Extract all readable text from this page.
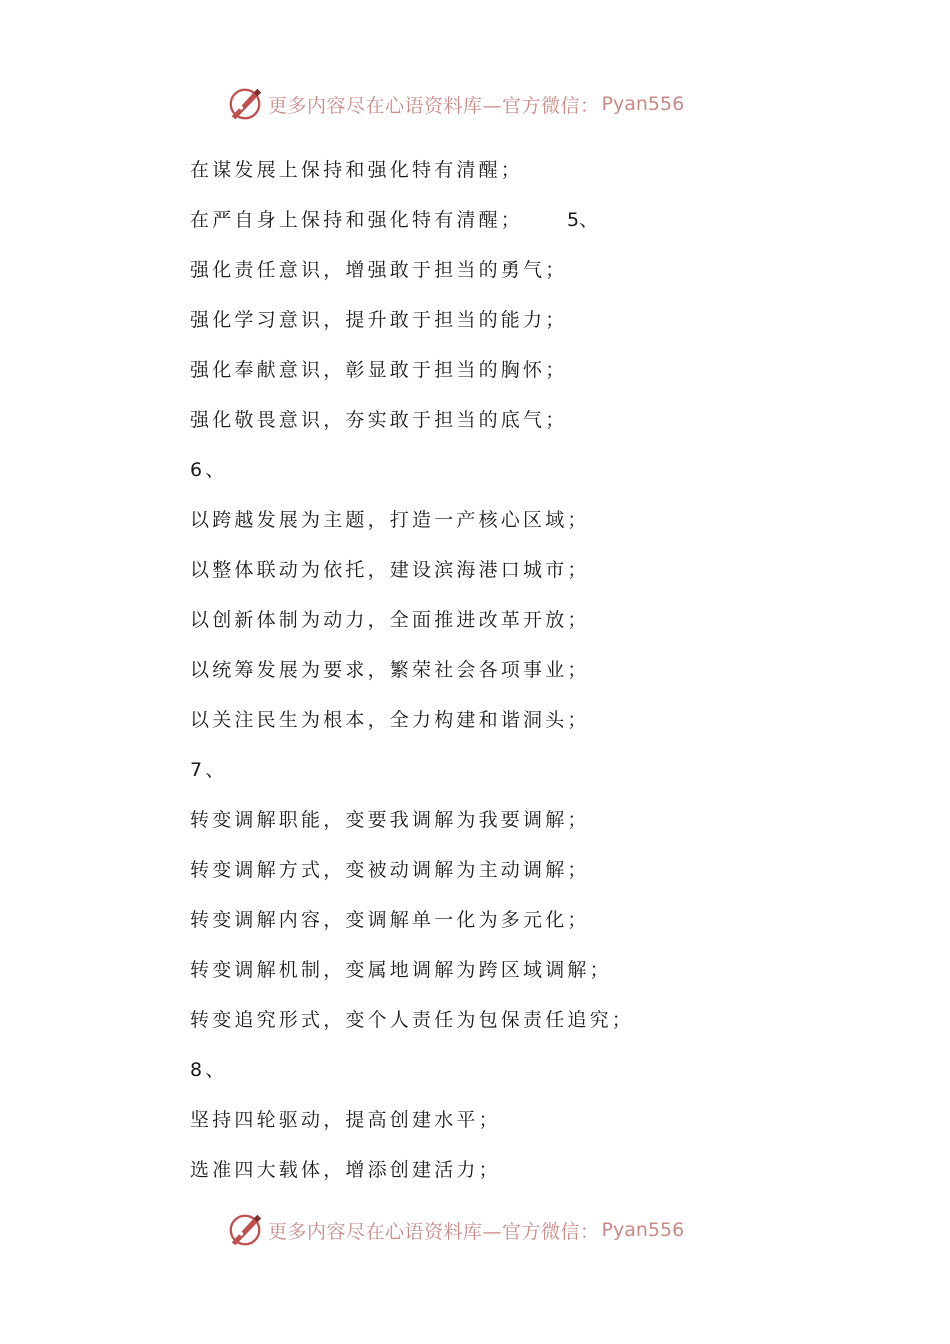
更多内容尽在心语资料库—官方微信： Pyan556
在谋发展上保持和强化特有清醒；
在严自身上保持和强化特有清醒； 5、
强化责任意识，增强敢于担当的勇气；
强化学习意识，提升敢于担当的能力；
强化奉献意识，彰显敢于担当的胸怀；
强化敬畏意识，夯实敢于担当的底气；
6、
以跨越发展为主题，打造一产核心区域；
以整体联动为依托，建设滨海港口城市；
以创新体制为动力，全面推进改革开放；
以统筹发展为要求，繁荣社会各项事业；
以关注民生为根本，全力构建和谐洞头；
7、
转变调解职能，变要我调解为我要调解；
转变调解方式，变被动调解为主动调解；
转变调解内容，变调解单一化为多元化；
转变调解机制，变属地调解为跨区域调解；
转变追究形式，变个人责任为包保责任追究；
8、
坚持四轮驱动，提高创建水平；
选准四大载体，增添创建活力；
更多内容尽在心语资料库—官方微信： Pyan556
